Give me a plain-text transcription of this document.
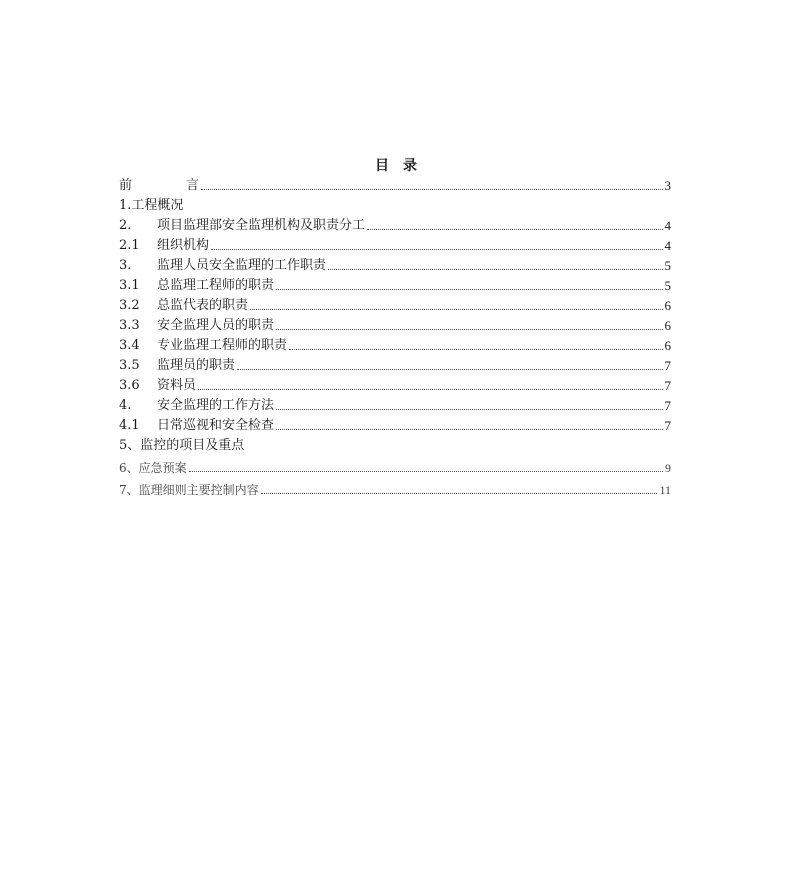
目　录
前	言	3
1. 工程概况
2.	项目监理部安全监理机构及职责分工	4
2.1	组织机构	4
3.	监理人员安全监理的工作职责	5
3.1	总监理工程师的职责	5
3.2	总监代表的职责	6
3.3	安全监理人员的职责	6
3.4	专业监理工程师的职责	6
3.5	监理员的职责	7
3.6	资料员	7
4.	安全监理的工作方法	7
4.1	日常巡视和安全检查	7
5、 监控的项目及重点
6、 应急预案	9
7、 监理细则主要控制内容	11
